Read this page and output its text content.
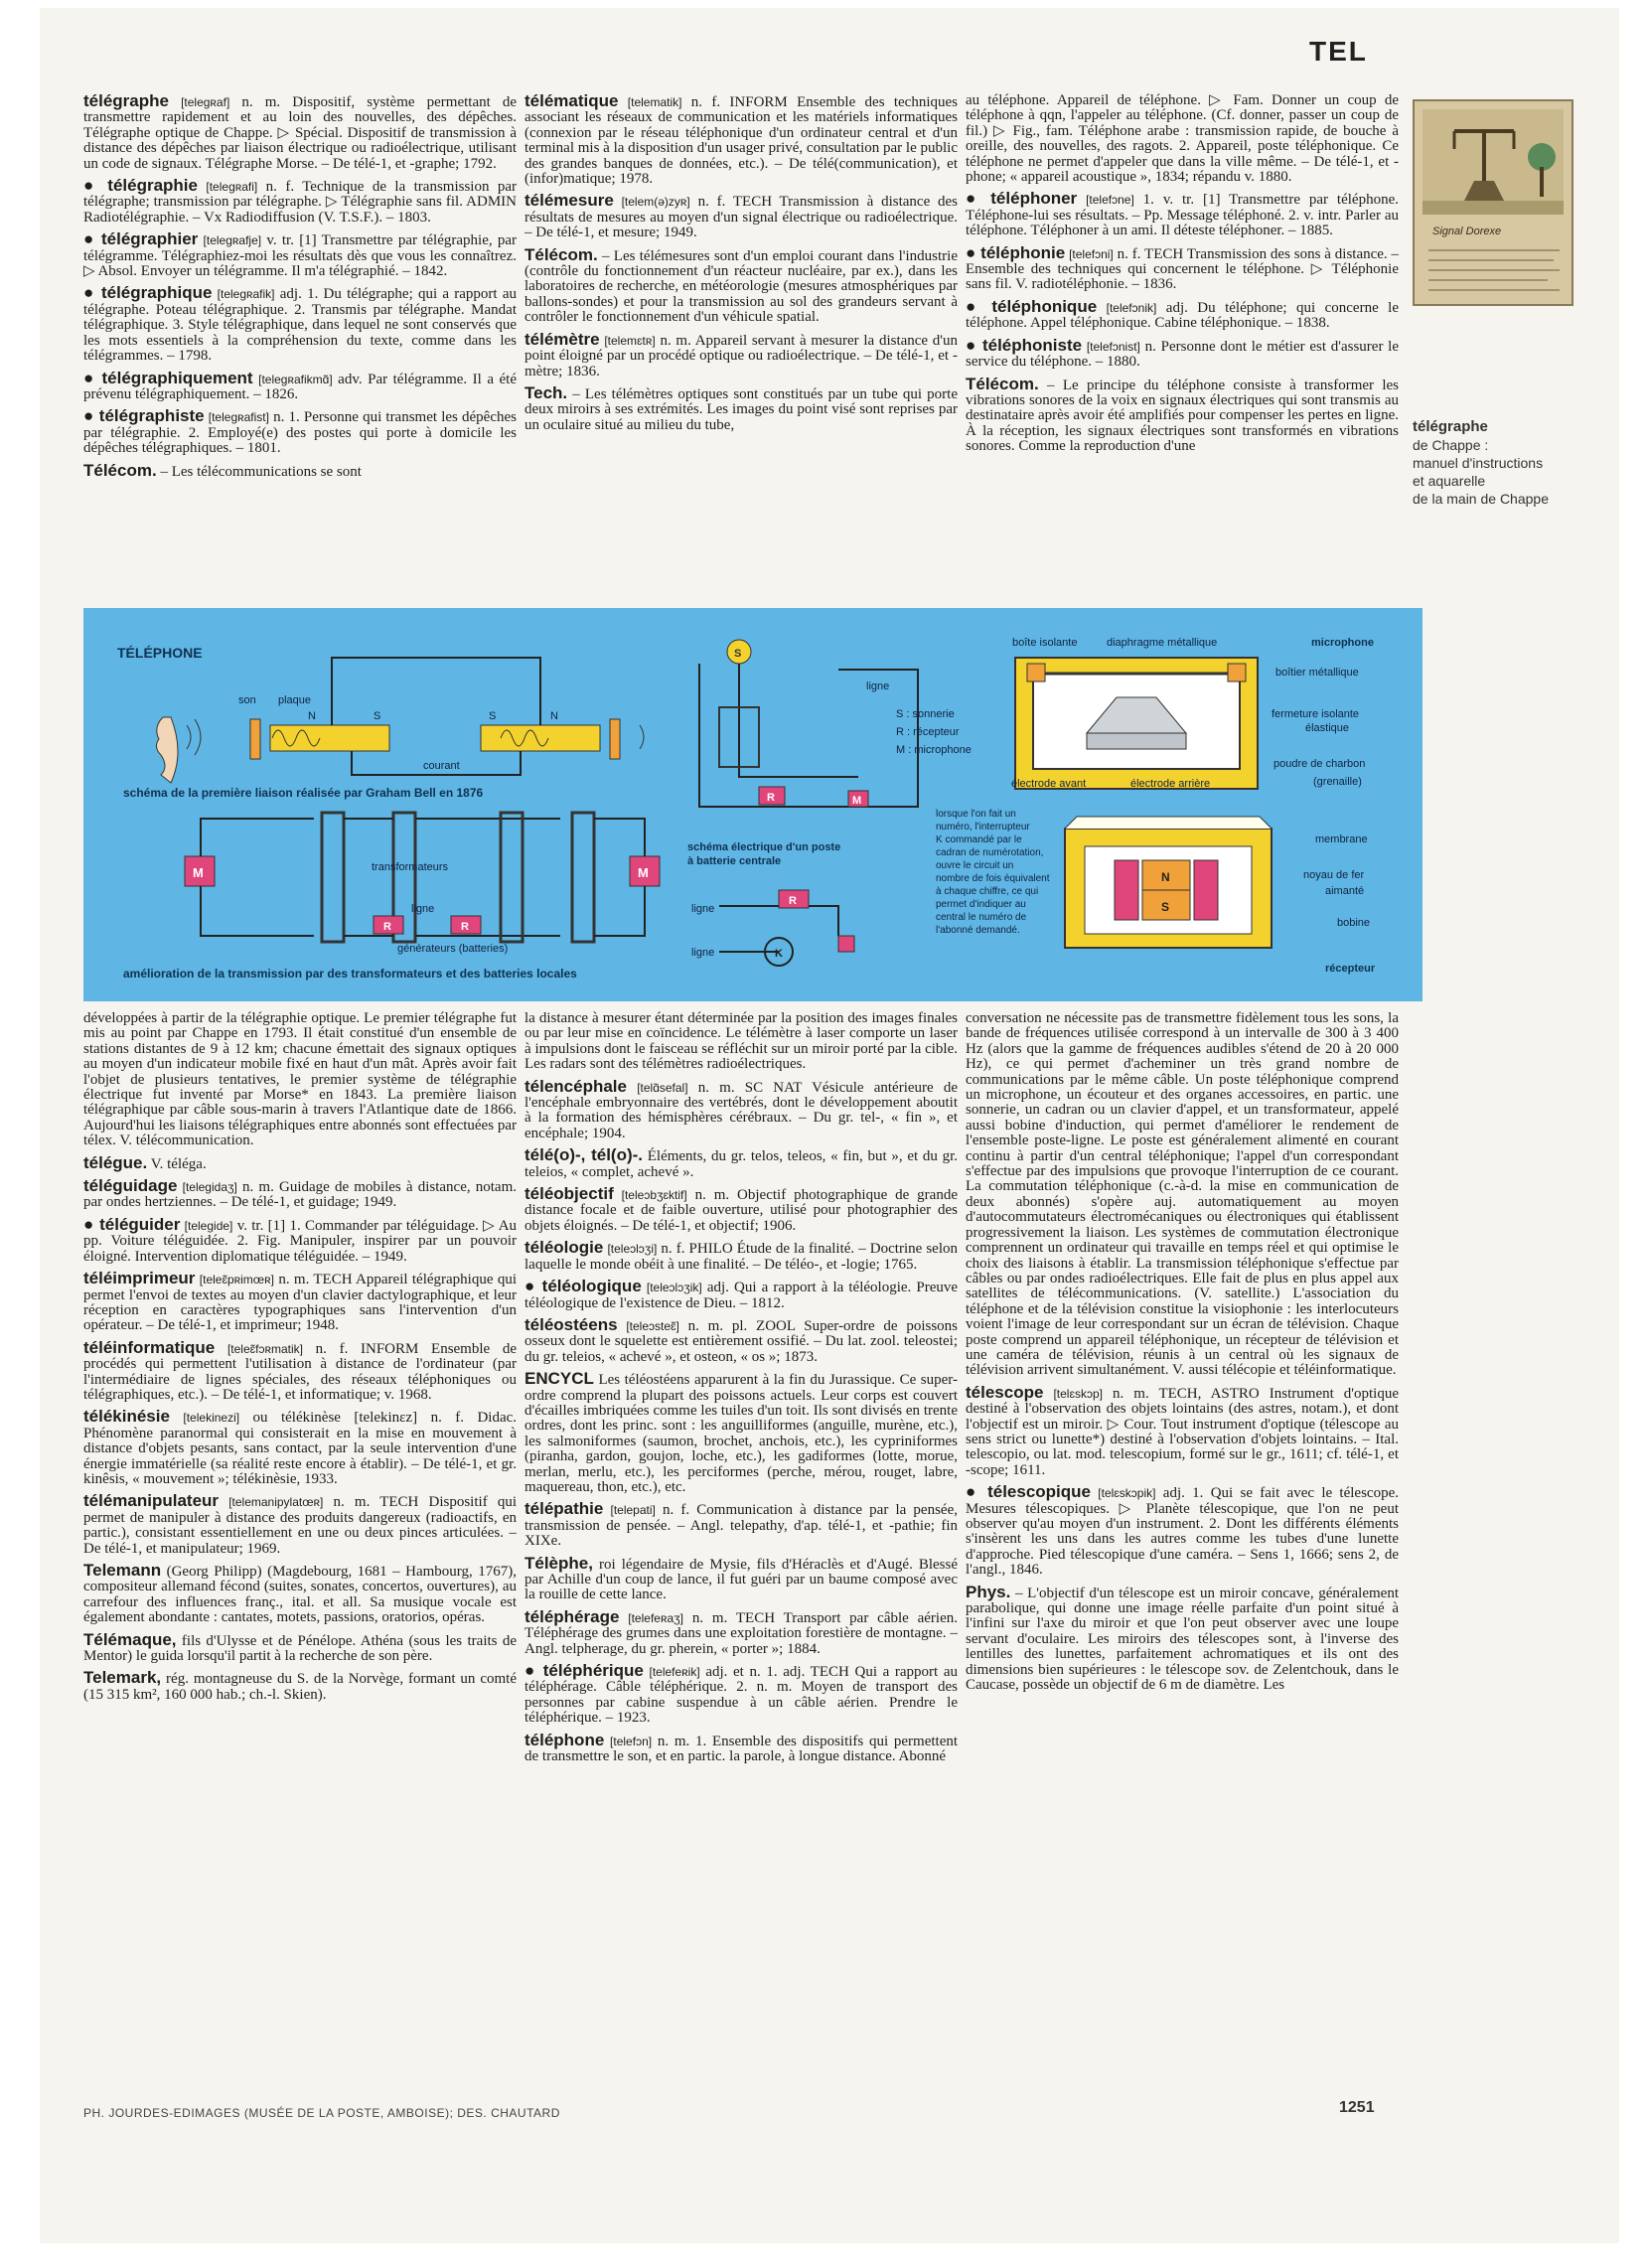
TEL

télégraphe [telegʀaf] n. m. Dispositif, système permettant de transmettre rapidement et au loin des nouvelles, des dépêches. Télégraphe optique de Chappe. ▷ Spécial. Dispositif de transmission à distance des dépêches par liaison électrique ou radioélectrique, utilisant un code de signaux. Télégraphe Morse. – De télé-1, et -graphe; 1792.

● télégraphie [telegʀafi] n. f. Technique de la transmission par télégraphe; transmission par télégraphe. ▷ Télégraphie sans fil. ADMIN Radiotélégraphie. – Vx Radiodiffusion (V. T.S.F.). – 1803.

● télégraphier [telegʀafje] v. tr. [1] Transmettre par télégraphie, par télégramme. Télégraphiez-moi les résultats dès que vous les connaîtrez. ▷ Absol. Envoyer un télégramme. Il m'a télégraphié. – 1842.

● télégraphique [telegʀafik] adj. 1. Du télégraphe; qui a rapport au télégraphe. Poteau télégraphique. 2. Transmis par télégraphe. Mandat télégraphique. 3. Style télégraphique, dans lequel ne sont conservés que les mots essentiels à la compréhension du texte, comme dans les télégrammes. – 1798.

● télégraphiquement [telegʀafikmɑ̃] adv. Par télégramme. Il a été prévenu télégraphiquement. – 1826.

● télégraphiste [telegʀafist] n. 1. Personne qui transmet les dépêches par télégraphie. 2. Employé(e) des postes qui porte à domicile les dépêches télégraphiques. – 1801.

Télécom. – Les télécommunications se sont

télématique [telematik] n. f. INFORM Ensemble des techniques associant les réseaux de communication et les matériels informatiques (connexion par le réseau téléphonique d'un ordinateur central et d'un terminal mis à la disposition d'un usager privé, consultation par le public des grandes banques de données, etc.). – De télé(communication), et (infor)matique; 1978.

télémesure [telem(ə)zyʀ] n. f. TECH Transmission à distance des résultats de mesures au moyen d'un signal électrique ou radioélectrique. – De télé-1, et mesure; 1949.

Télécom. – Les télémesures sont d'un emploi courant dans l'industrie (contrôle du fonctionnement d'un réacteur nucléaire, par ex.), dans les laboratoires de recherche, en météorologie (mesures atmosphériques par ballons-sondes) et pour la transmission au sol des grandeurs servant à contrôler le fonctionnement d'un véhicule spatial.

télémètre [telemɛtʀ] n. m. Appareil servant à mesurer la distance d'un point éloigné par un procédé optique ou radioélectrique. – De télé-1, et -mètre; 1836.

Tech. – Les télémètres optiques sont constitués par un tube qui porte deux miroirs à ses extrémités. Les images du point visé sont reprises par un oculaire situé au milieu du tube,

au téléphone. Appareil de téléphone. ▷ Fam. Donner un coup de téléphone à qqn, l'appeler au téléphone. (Cf. donner, passer un coup de fil.) ▷ Fig., fam. Téléphone arabe : transmission rapide, de bouche à oreille, des nouvelles, des ragots. 2. Appareil, poste téléphonique. Ce téléphone ne permet d'appeler que dans la ville même. – De télé-1, et -phone; « appareil acoustique », 1834; répandu v. 1880.

● téléphoner [telefɔne] 1. v. tr. [1] Transmettre par téléphone. Téléphone-lui ses résultats. – Pp. Message téléphoné. 2. v. intr. Parler au téléphone. Téléphoner à un ami. Il déteste téléphoner. – 1885.

● téléphonie [telefɔni] n. f. TECH Transmission des sons à distance. – Ensemble des techniques qui concernent le téléphone. ▷ Téléphonie sans fil. V. radiotéléphonie. – 1836.

● téléphonique [telefɔnik] adj. Du téléphone; qui concerne le téléphone. Appel téléphonique. Cabine téléphonique. – 1838.

● téléphoniste [telefɔnist] n. Personne dont le métier est d'assurer le service du téléphone. – 1880.

Télécom. – Le principe du téléphone consiste à transformer les vibrations sonores de la voix en signaux électriques qui sont transmis au destinataire après avoir été amplifiés pour compenser les pertes en ligne. À la réception, les signaux électriques sont transformés en vibrations sonores. Comme la reproduction d'une

Signal Dorexe
télégraphe
de Chappe :
manuel d'instructions
et aquarelle
de la main de Chappe
TÉLÉPHONE
son plaque
N	S	S	N
courant
schéma de la première liaison réalisée par Graham Bell en 1876
M	transformateurs
ligne
R	R
générateurs (batteries)
M
amélioration de la transmission par des transformateurs et des batteries locales
S
R	M
ligne
S : sonnerie
R : récepteur
M : microphone
schéma électrique d'un poste à batterie centrale
ligne
ligne
R
K
lorsque l'on fait un numéro, l'interrupteur K commandé par le cadran de numérotation, ouvre le circuit un nombre de fois équivalent à chaque chiffre, ce qui permet d'indiquer au central le numéro de l'abonné demandé.
boîte isolante	diaphragme métallique	microphone
boîtier métallique
fermeture isolante
élastique
poudre de charbon
(grenaille)
électrode avant	électrode arrière
N
S
membrane
noyau de fer
aimanté
bobine
récepteur

développées à partir de la télégraphie optique. Le premier télégraphe fut mis au point par Chappe en 1793. Il était constitué d'un ensemble de stations distantes de 9 à 12 km; chacune émettait des signaux optiques au moyen d'un indicateur mobile fixé en haut d'un mât. Après avoir fait l'objet de plusieurs tentatives, le premier système de télégraphie électrique fut inventé par Morse* en 1843. La première liaison télégraphique par câble sous-marin à travers l'Atlantique date de 1866. Aujourd'hui les liaisons télégraphiques entre abonnés sont effectuées par télex. V. télécommunication.

télégue. V. téléga.

téléguidage [telegidaʒ] n. m. Guidage de mobiles à distance, notam. par ondes hertziennes. – De télé-1, et guidage; 1949.

● téléguider [telegide] v. tr. [1] 1. Commander par téléguidage. ▷ Au pp. Voiture téléguidée. 2. Fig. Manipuler, inspirer par un pouvoir éloigné. Intervention diplomatique téléguidée. – 1949.

téléimprimeur [teleɛ̃pʀimœʀ] n. m. TECH Appareil télégraphique qui permet l'envoi de textes au moyen d'un clavier dactylographique, et leur réception en caractères typographiques sans l'intervention d'un opérateur. – De télé-1, et imprimeur; 1948.

téléinformatique [teleɛ̃fɔʀmatik] n. f. INFORM Ensemble de procédés qui permettent l'utilisation à distance de l'ordinateur (par l'intermédiaire de lignes spéciales, des réseaux téléphoniques ou télégraphiques, etc.). – De télé-1, et informatique; v. 1968.

télékinésie [telekinezi] ou télékinèse [telekinɛz] n. f. Didac. Phénomène paranormal qui consisterait en la mise en mouvement à distance d'objets pesants, sans contact, par la seule intervention d'une énergie immatérielle (sa réalité reste encore à établir). – De télé-1, et gr. kinêsis, « mouvement »; télékinèsie, 1933.

télémanipulateur [telemanipylatœʀ] n. m. TECH Dispositif qui permet de manipuler à distance des produits dangereux (radioactifs, en partic.), consistant essentiellement en une ou deux pinces articulées. – De télé-1, et manipulateur; 1969.

Telemann (Georg Philipp) (Magdebourg, 1681 – Hambourg, 1767), compositeur allemand fécond (suites, sonates, concertos, ouvertures), au carrefour des influences franç., ital. et all. Sa musique vocale est également abondante : cantates, motets, passions, oratorios, opéras.

Télémaque, fils d'Ulysse et de Pénélope. Athéna (sous les traits de Mentor) le guida lorsqu'il partit à la recherche de son père.

Telemark, rég. montagneuse du S. de la Norvège, formant un comté (15 315 km², 160 000 hab.; ch.-l. Skien).

la distance à mesurer étant déterminée par la position des images finales ou par leur mise en coïncidence. Le télémètre à laser comporte un laser à impulsions dont le faisceau se réfléchit sur un miroir porté par la cible. Les radars sont des télémètres radioélectriques.

télencéphale [telɑ̃sefal] n. m. SC NAT Vésicule antérieure de l'encéphale embryonnaire des vertébrés, dont le développement aboutit à la formation des hémisphères cérébraux. – Du gr. tel-, « fin », et encéphale; 1904.

télé(o)-, tél(o)-. Éléments, du gr. telos, teleos, « fin, but », et du gr. teleios, « complet, achevé ».

téléobjectif [teleɔbʒɛktif] n. m. Objectif photographique de grande distance focale et de faible ouverture, utilisé pour photographier des objets éloignés. – De télé-1, et objectif; 1906.

téléologie [teleɔlɔʒi] n. f. PHILO Étude de la finalité. – Doctrine selon laquelle le monde obéit à une finalité. – De téléo-, et -logie; 1765.

● téléologique [teleɔlɔʒik] adj. Qui a rapport à la téléologie. Preuve téléologique de l'existence de Dieu. – 1812.

téléostéens [teleɔsteɛ̃] n. m. pl. ZOOL Super-ordre de poissons osseux dont le squelette est entièrement ossifié. – Du lat. zool. teleostei; du gr. teleios, « achevé », et osteon, « os »; 1873.

ENCYCL Les téléostéens apparurent à la fin du Jurassique. Ce super-ordre comprend la plupart des poissons actuels. Leur corps est couvert d'écailles imbriquées comme les tuiles d'un toit. Ils sont divisés en trente ordres, dont les princ. sont : les anguilliformes (anguille, murène, etc.), les salmoniformes (saumon, brochet, anchois, etc.), les cypriniformes (piranha, gardon, goujon, loche, etc.), les gadiformes (lotte, morue, merlan, merlu, etc.), les perciformes (perche, mérou, rouget, labre, maquereau, thon, etc.), etc.

télépathie [telepati] n. f. Communication à distance par la pensée, transmission de pensée. – Angl. telepathy, d'ap. télé-1, et -pathie; fin XIXe.

Télèphe, roi légendaire de Mysie, fils d'Héraclès et d'Augé. Blessé par Achille d'un coup de lance, il fut guéri par un baume composé avec la rouille de cette lance.

téléphérage [telefeʀaʒ] n. m. TECH Transport par câble aérien. Téléphérage des grumes dans une exploitation forestière de montagne. – Angl. telpherage, du gr. pherein, « porter »; 1884.

● téléphérique [telefeʀik] adj. et n. 1. adj. TECH Qui a rapport au téléphérage. Câble téléphérique. 2. n. m. Moyen de transport des personnes par cabine suspendue à un câble aérien. Prendre le téléphérique. – 1923.

téléphone [telefɔn] n. m. 1. Ensemble des dispositifs qui permettent de transmettre le son, et en partic. la parole, à longue distance. Abonné

conversation ne nécessite pas de transmettre fidèlement tous les sons, la bande de fréquences utilisée correspond à un intervalle de 300 à 3 400 Hz (alors que la gamme de fréquences audibles s'étend de 20 à 20 000 Hz), ce qui permet d'acheminer un très grand nombre de communications par le même câble. Un poste téléphonique comprend un microphone, un écouteur et des organes accessoires, en partic. une sonnerie, un cadran ou un clavier d'appel, et un transformateur, appelé aussi bobine d'induction, qui permet d'améliorer le rendement de l'ensemble poste-ligne. Le poste est généralement alimenté en courant continu à partir d'un central téléphonique; l'appel d'un correspondant s'effectue par des impulsions que provoque l'interruption de ce courant. La commutation téléphonique (c.-à-d. la mise en communication de deux abonnés) s'opère auj. automatiquement au moyen d'autocommutateurs électromécaniques ou électroniques qui établissent progressivement la liaison. Les systèmes de commutation électronique comprennent un ordinateur qui travaille en temps réel et qui optimise le choix des liaisons à établir. La transmission téléphonique s'effectue par câbles ou par ondes radioélectriques. Elle fait de plus en plus appel aux satellites de télécommunications. (V. satellite.) L'association du téléphone et de la télévision constitue la visiophonie : les interlocuteurs voient l'image de leur correspondant sur un écran de télévision. Chaque poste comprend un appareil téléphonique, un récepteur de télévision et une caméra de télévision, réunis à un central où les signaux de télévision arrivent simultanément. V. aussi télécopie et téléinformatique.

télescope [telɛskɔp] n. m. TECH, ASTRO Instrument d'optique destiné à l'observation des objets lointains (des astres, notam.), et dont l'objectif est un miroir. ▷ Cour. Tout instrument d'optique (télescope au sens strict ou lunette*) destiné à l'observation d'objets lointains. – Ital. telescopio, ou lat. mod. telescopium, formé sur le gr., 1611; cf. télé-1, et -scope; 1611.

● télescopique [telɛskɔpik] adj. 1. Qui se fait avec le télescope. Mesures télescopiques. ▷ Planète télescopique, que l'on ne peut observer qu'au moyen d'un instrument. 2. Dont les différents éléments s'insèrent les uns dans les autres comme les tubes d'une lunette d'approche. Pied télescopique d'une caméra. – Sens 1, 1666; sens 2, de l'angl., 1846.

Phys. – L'objectif d'un télescope est un miroir concave, généralement parabolique, qui donne une image réelle parfaite d'un point situé à l'infini sur l'axe du miroir et que l'on peut observer avec une loupe servant d'oculaire. Les miroirs des télescopes sont, à l'inverse des lentilles des lunettes, parfaitement achromatiques et ils ont des dimensions bien supérieures : le télescope sov. de Zelentchouk, dans le Caucase, possède un objectif de 6 m de diamètre. Les

PH. JOURDES-EDIMAGES (MUSÉE DE LA POSTE, AMBOISE); DES. CHAUTARD	1251
